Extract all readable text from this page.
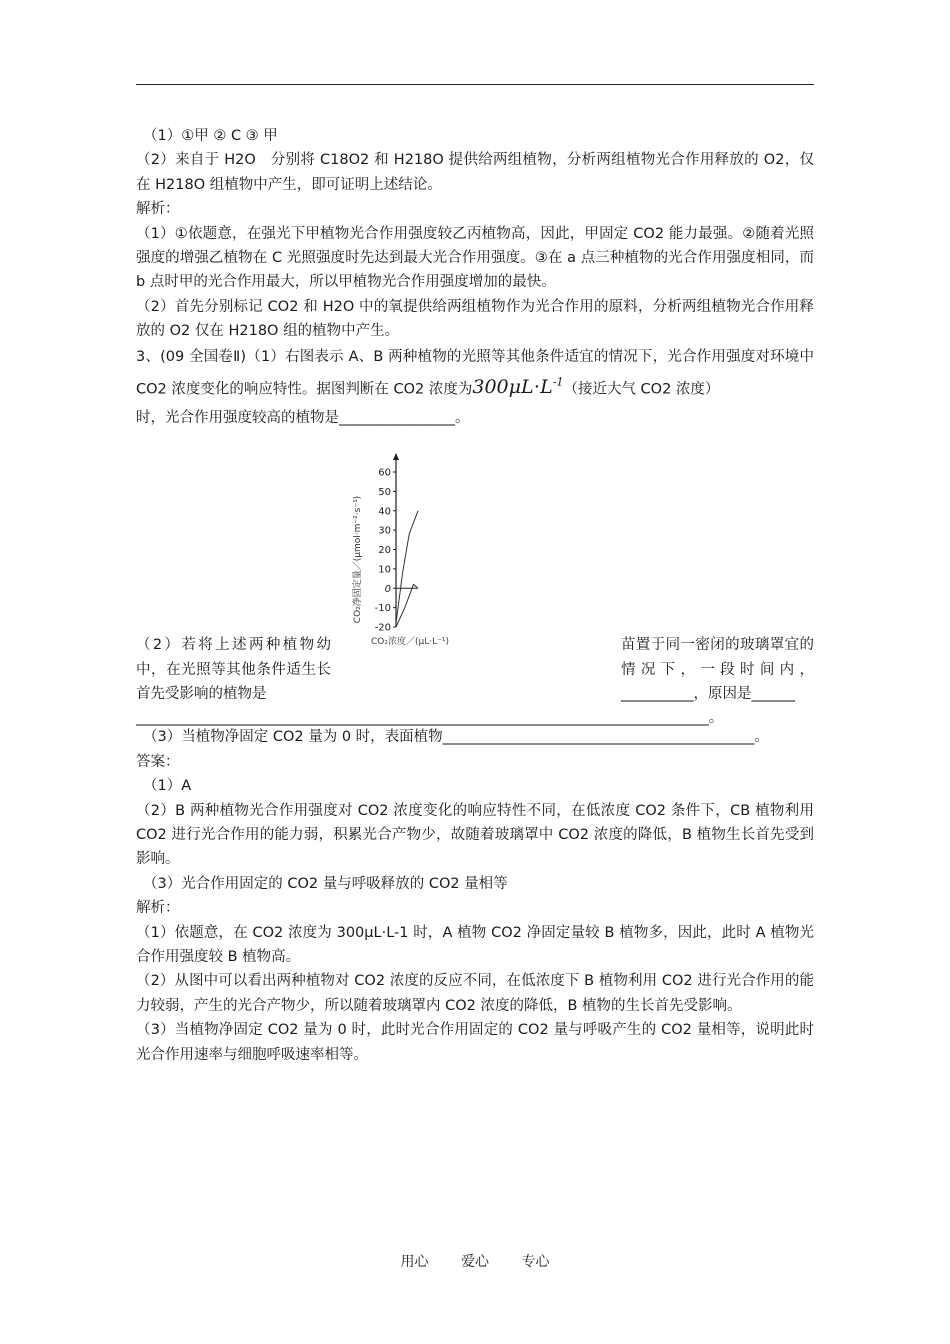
（1）①甲 ② C ③ 甲

（2）来自于 H2O　分别将 C18O2 和 H218O 提供给两组植物，分析两组植物光合作用释放的 O2，仅在 H218O 组植物中产生，即可证明上述结论。

解析：

（1）①依题意，在强光下甲植物光合作用强度较乙丙植物高，因此，甲固定 CO2 能力最强。②随着光照强度的增强乙植物在 C 光照强度时先达到最大光合作用强度。③在 a 点三种植物的光合作用强度相同，而 b 点时甲的光合作用最大，所以甲植物光合作用强度增加的最快。

（2）首先分别标记 CO2 和 H2O 中的氧提供给两组植物作为光合作用的原料，分析两组植物光合作用释放的 O2 仅在 H218O 组的植物中产生。

3、(09 全国卷Ⅱ)（1）右图表示 A、B 两种植物的光照等其他条件适宜的情况下，光合作用强度对环境中 CO2 浓度变化的响应特性。据图判断在 CO2 浓度为$300\mu L\cdot L^{-1}$（接近大气 CO2 浓度）

时，光合作用强度较高的植物是________________。

CO₂净固定量／(μmol·m⁻²·s⁻¹)
60
50
40
30
20
10
0
-10
-20
CO₂浓度／(μL·L⁻¹)

（2）若将上述两种植物幼中，在光照等其他条件适生长首先受影响的植物是

苗置于同一密闭的玻璃罩宜的情况下，一段时间内，__________，原因是______

_______________________________________________________________________________。

（3）当植物净固定 CO2 量为 0 时，表面植物___________________________________________。

答案：

（1）A

（2）B 两种植物光合作用强度对 CO2 浓度变化的响应特性不同，在低浓度 CO2 条件下，CB 植物利用 CO2 进行光合作用的能力弱，积累光合产物少，故随着玻璃罩中 CO2 浓度的降低，B 植物生长首先受到影响。

（3）光合作用固定的 CO2 量与呼吸释放的 CO2 量相等

解析：

（1）依题意，在 CO2 浓度为 300μL·L-1 时，A 植物 CO2 净固定量较 B 植物多，因此，此时 A 植物光合作用强度较 B 植物高。

（2）从图中可以看出两种植物对 CO2 浓度的反应不同，在低浓度下 B 植物利用 CO2 进行光合作用的能力较弱，产生的光合产物少，所以随着玻璃罩内 CO2 浓度的降低，B 植物的生长首先受影响。

（3）当植物净固定 CO2 量为 0 时，此时光合作用固定的 CO2 量与呼吸产生的 CO2 量相等，说明此时光合作用速率与细胞呼吸速率相等。

用心 爱心 专心
